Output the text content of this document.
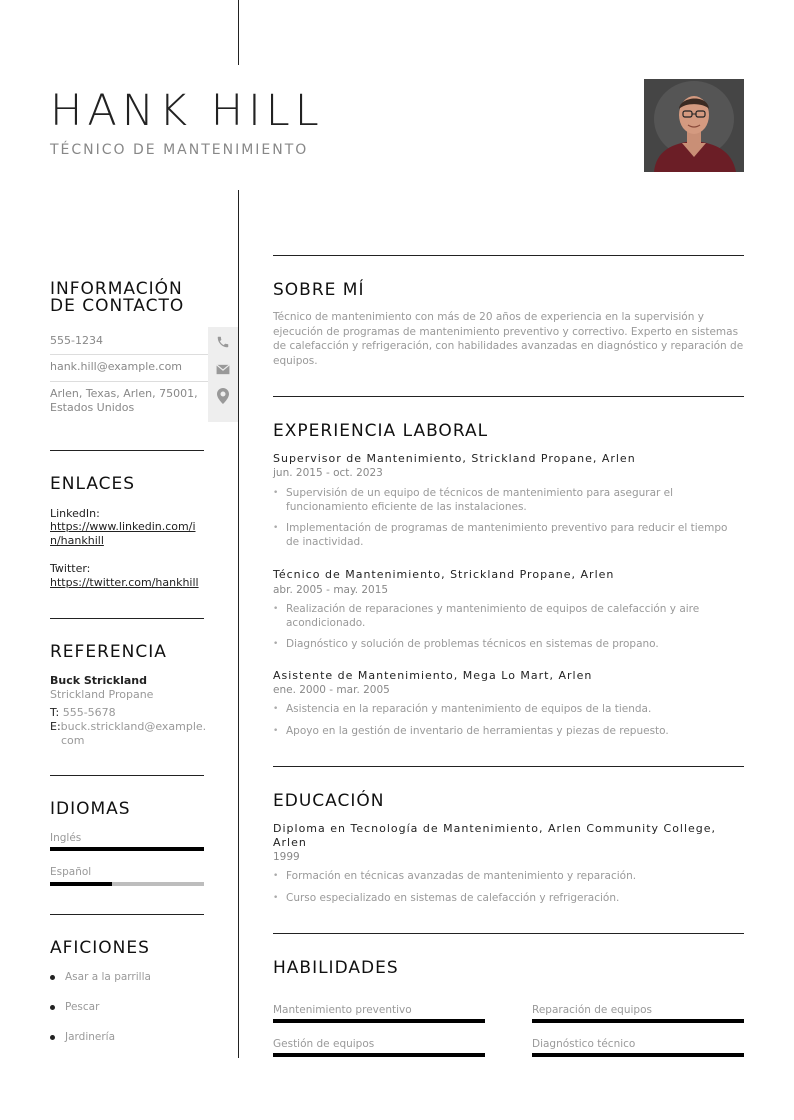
HANK HILL
TÉCNICO DE MANTENIMIENTO
INFORMACIÓN
DE CONTACTO
555-1234
hank.hill@example.com
Arlen, Texas, Arlen, 75001,
Estados Unidos
ENLACES
LinkedIn:
https://www.linkedin.com/i
n/hankhill
Twitter:
https://twitter.com/hankhill
REFERENCIA
Buck Strickland
Strickland Propane
T: 555-5678
E:buck.strickland@example.
com
IDIOMAS
Inglés
Español
AFICIONES
Asar a la parrilla
Pescar
Jardinería
SOBRE MÍ
Técnico de mantenimiento con más de 20 años de experiencia en la supervisión y ejecución de programas de mantenimiento preventivo y correctivo. Experto en sistemas de calefacción y refrigeración, con habilidades avanzadas en diagnóstico y reparación de equipos.
EXPERIENCIA LABORAL
Supervisor de Mantenimiento, Strickland Propane, Arlen
jun. 2015 - oct. 2023
• Supervisión de un equipo de técnicos de mantenimiento para asegurar el funcionamiento eficiente de las instalaciones.
• Implementación de programas de mantenimiento preventivo para reducir el tiempo de inactividad.
Técnico de Mantenimiento, Strickland Propane, Arlen
abr. 2005 - may. 2015
• Realización de reparaciones y mantenimiento de equipos de calefacción y aire acondicionado.
• Diagnóstico y solución de problemas técnicos en sistemas de propano.
Asistente de Mantenimiento, Mega Lo Mart, Arlen
ene. 2000 - mar. 2005
• Asistencia en la reparación y mantenimiento de equipos de la tienda.
• Apoyo en la gestión de inventario de herramientas y piezas de repuesto.
EDUCACIÓN
Diploma en Tecnología de Mantenimiento, Arlen Community College,
Arlen
1999
• Formación en técnicas avanzadas de mantenimiento y reparación.
• Curso especializado en sistemas de calefacción y refrigeración.
HABILIDADES
Mantenimiento preventivo	Reparación de equipos
Gestión de equipos	Diagnóstico técnico
